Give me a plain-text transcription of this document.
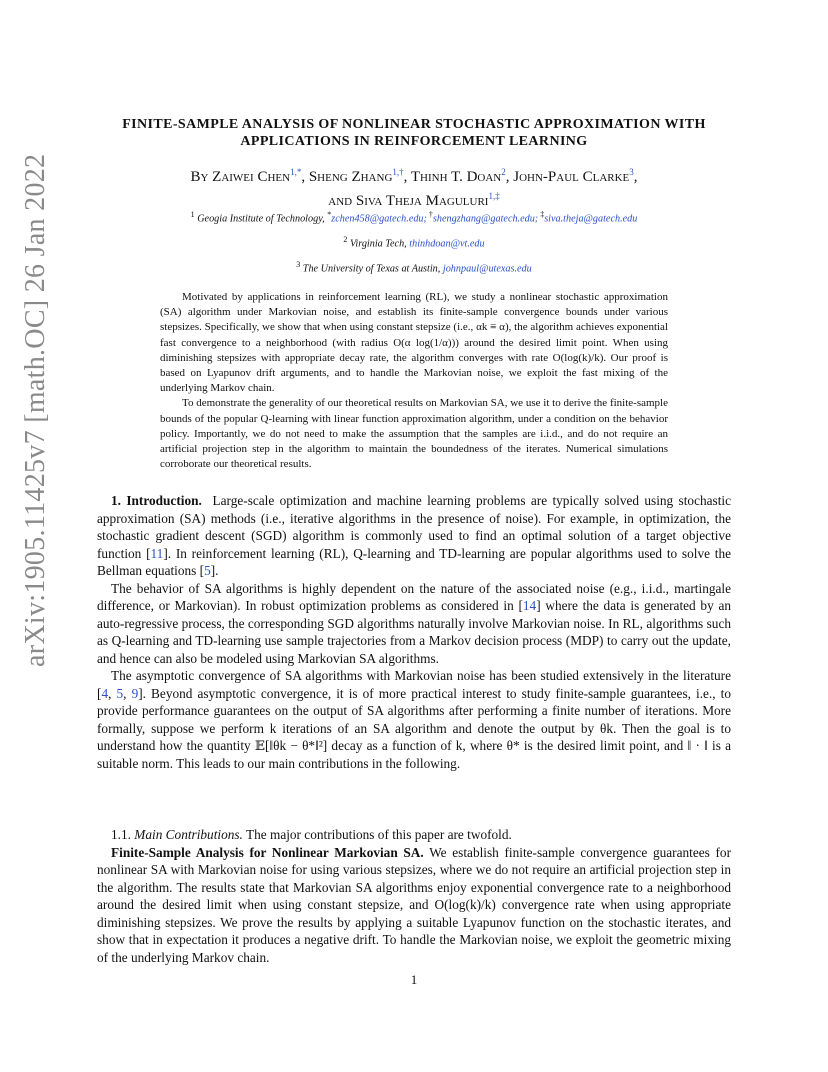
arXiv:1905.11425v7 [math.OC] 26 Jan 2022
FINITE-SAMPLE ANALYSIS OF NONLINEAR STOCHASTIC APPROXIMATION WITH
APPLICATIONS IN REINFORCEMENT LEARNING
By Zaiwei Chen$^{1,*}$, Sheng Zhang$^{1,\dagger}$, Thinh T. Doan$^2$, John-Paul Clarke$^3$,
and Siva Theja Maguluri$^{1,\ddagger}$
$^1$ Geogia Institute of Technology, *zchen458@gatech.edu; †shengzhang@gatech.edu; ‡siva.theja@gatech.edu
$^2$ Virginia Tech, thinhdoan@vt.edu
$^3$ The University of Texas at Austin, johnpaul@utexas.edu

Motivated by applications in reinforcement learning (RL), we study a nonlinear stochastic approximation (SA) algorithm under Markovian noise, and establish its finite-sample convergence bounds under various stepsizes. Specifically, we show that when using constant stepsize (i.e., αk ≡ α), the algorithm achieves exponential fast convergence to a neighborhood (with radius O(α log(1/α))) around the desired limit point. When using diminishing stepsizes with appropriate decay rate, the algorithm converges with rate O(log(k)/k). Our proof is based on Lyapunov drift arguments, and to handle the Markovian noise, we exploit the fast mixing of the underlying Markov chain.

To demonstrate the generality of our theoretical results on Markovian SA, we use it to derive the finite-sample bounds of the popular Q-learning with linear function approximation algorithm, under a condition on the behavior policy. Importantly, we do not need to make the assumption that the samples are i.i.d., and do not require an artificial projection step in the algorithm to maintain the boundedness of the iterates. Numerical simulations corroborate our theoretical results.

1. Introduction. Large-scale optimization and machine learning problems are typically solved using stochastic approximation (SA) methods (i.e., iterative algorithms in the presence of noise). For example, in optimization, the stochastic gradient descent (SGD) algorithm is commonly used to find an optimal solution of a target objective function [11]. In reinforcement learning (RL), Q-learning and TD-learning are popular algorithms used to solve the Bellman equations [5].

The behavior of SA algorithms is highly dependent on the nature of the associated noise (e.g., i.i.d., martingale difference, or Markovian). In robust optimization problems as considered in [14] where the data is generated by an auto-regressive process, the corresponding SGD algorithms naturally involve Markovian noise. In RL, algorithms such as Q-learning and TD-learning use sample trajectories from a Markov decision process (MDP) to carry out the update, and hence can also be modeled using Markovian SA algorithms.

The asymptotic convergence of SA algorithms with Markovian noise has been studied extensively in the literature [4, 5, 9]. Beyond asymptotic convergence, it is of more practical interest to study finite-sample guarantees, i.e., to provide performance guarantees on the output of SA algorithms after performing a finite number of iterations. More formally, suppose we perform k iterations of an SA algorithm and denote the output by θk. Then the goal is to understand how the quantity 𝔼[‖θk − θ*‖²] decay as a function of k, where θ* is the desired limit point, and ‖ · ‖ is a suitable norm. This leads to our main contributions in the following.

1.1. Main Contributions. The major contributions of this paper are twofold.

Finite-Sample Analysis for Nonlinear Markovian SA. We establish finite-sample convergence guarantees for nonlinear SA with Markovian noise for using various stepsizes, where we do not require an artificial projection step in the algorithm. The results state that Markovian SA algorithms enjoy exponential convergence rate to a neighborhood around the desired limit when using constant stepsize, and O(log(k)/k) convergence rate when using appropriate diminishing stepsizes. We prove the results by applying a suitable Lyapunov function on the stochastic iterates, and show that in expectation it produces a negative drift. To handle the Markovian noise, we exploit the geometric mixing of the underlying Markov chain.

1
